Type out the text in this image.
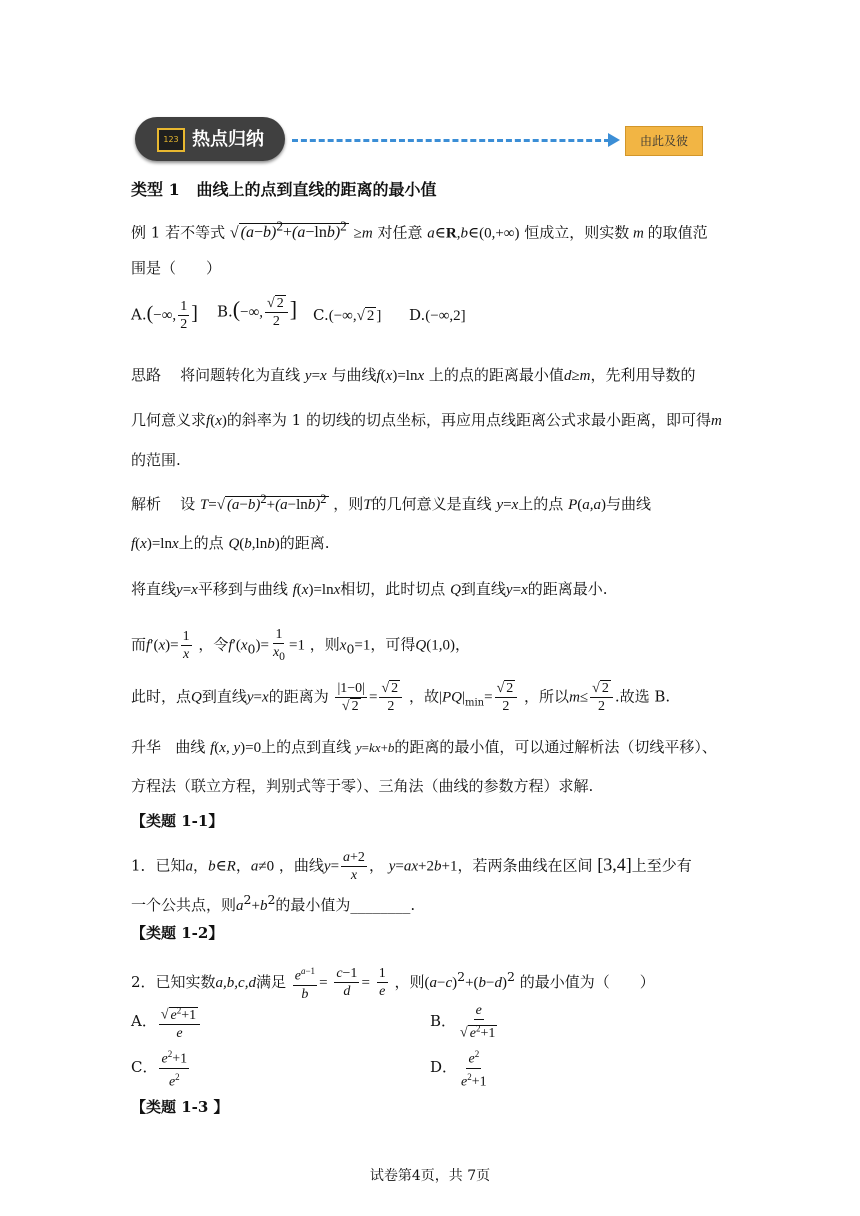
123 热点归纳	由此及彼
类型 1 曲线上的点到直线的距离的最小值
例 1 若不等式 √ $(a-b)^2+(a-\ln b)^2 \ge m$ 对任意 a∈R,b∈(0,+∞) 恒成立，则实数 m 的取值范
围是（　　）
A.(−∞, $\frac{1}{2}$ ] B.(−∞, $\frac{√ 2}{2}$ ] C.(−∞,√ 2 ] D.(−∞,2]
思路 将问题转化为直线 y=x 与曲线f(x)=lnx 上的点的距离最小值d≥m，先利用导数的
几何意义求f(x)的斜率为 1 的切线的切点坐标，再应用点线距离公式求最小距离，即可得m
的范围.
解析 设 T=√ $(a-b)^2+(a-\ln b)^2$ ，则T的几何意义是直线 y=x上的点 P(a,a)与曲线
f(x)=lnx上的点 Q(b,lnb)的距离.
将直线y=x平移到与曲线 f(x)=lnx相切，此时切点 Q到直线y=x的距离最小.
而$f'(x)= \frac{1}{x}$ ，令$f'(x_0)= \frac{1}{x_0} =1$ ，则$x_0=1$，可得Q(1,0)，
此时，点Q到直线y=x的距离为 $\frac{|1-0|}{√ 2} = \frac{√ 2}{2}$ ，故$|PQ|_{min}= \frac{√ 2}{2}$ ，所以$m\le \frac{√ 2}{2}$ .故选 B.
升华 曲线 f(x, y)=0上的点到直线 y=kx+b的距离的最小值，可以通过解析法（切线平移）、
方程法（联立方程，判别式等于零）、三角法（曲线的参数方程）求解.
【类题 1-1】
1．已知a，b∈R，a≠0 ，曲线$y= \frac{a+2}{x}$ ， y=ax+2b+1，若两条曲线在区间 [3,4]上至少有
一个公共点，则$a^2+b^2$的最小值为________.
【类题 1-2】
2．已知实数a,b,c,d满足 $\frac{e^{a-1}}{b} = \frac{c-1}{d} = \frac{1}{e}$ ，则$(a-c)^2+(b-d)^2$ 的最小值为（　　）
A． $\frac{√ e^2+1}{e}$	B． $\frac{e}{√ e^2+1}$
C． $\frac{e^2+1}{e^2}$	D． $\frac{e^2}{e^2+1}$
【类题 1-3 】
试卷第4页，共 7页
